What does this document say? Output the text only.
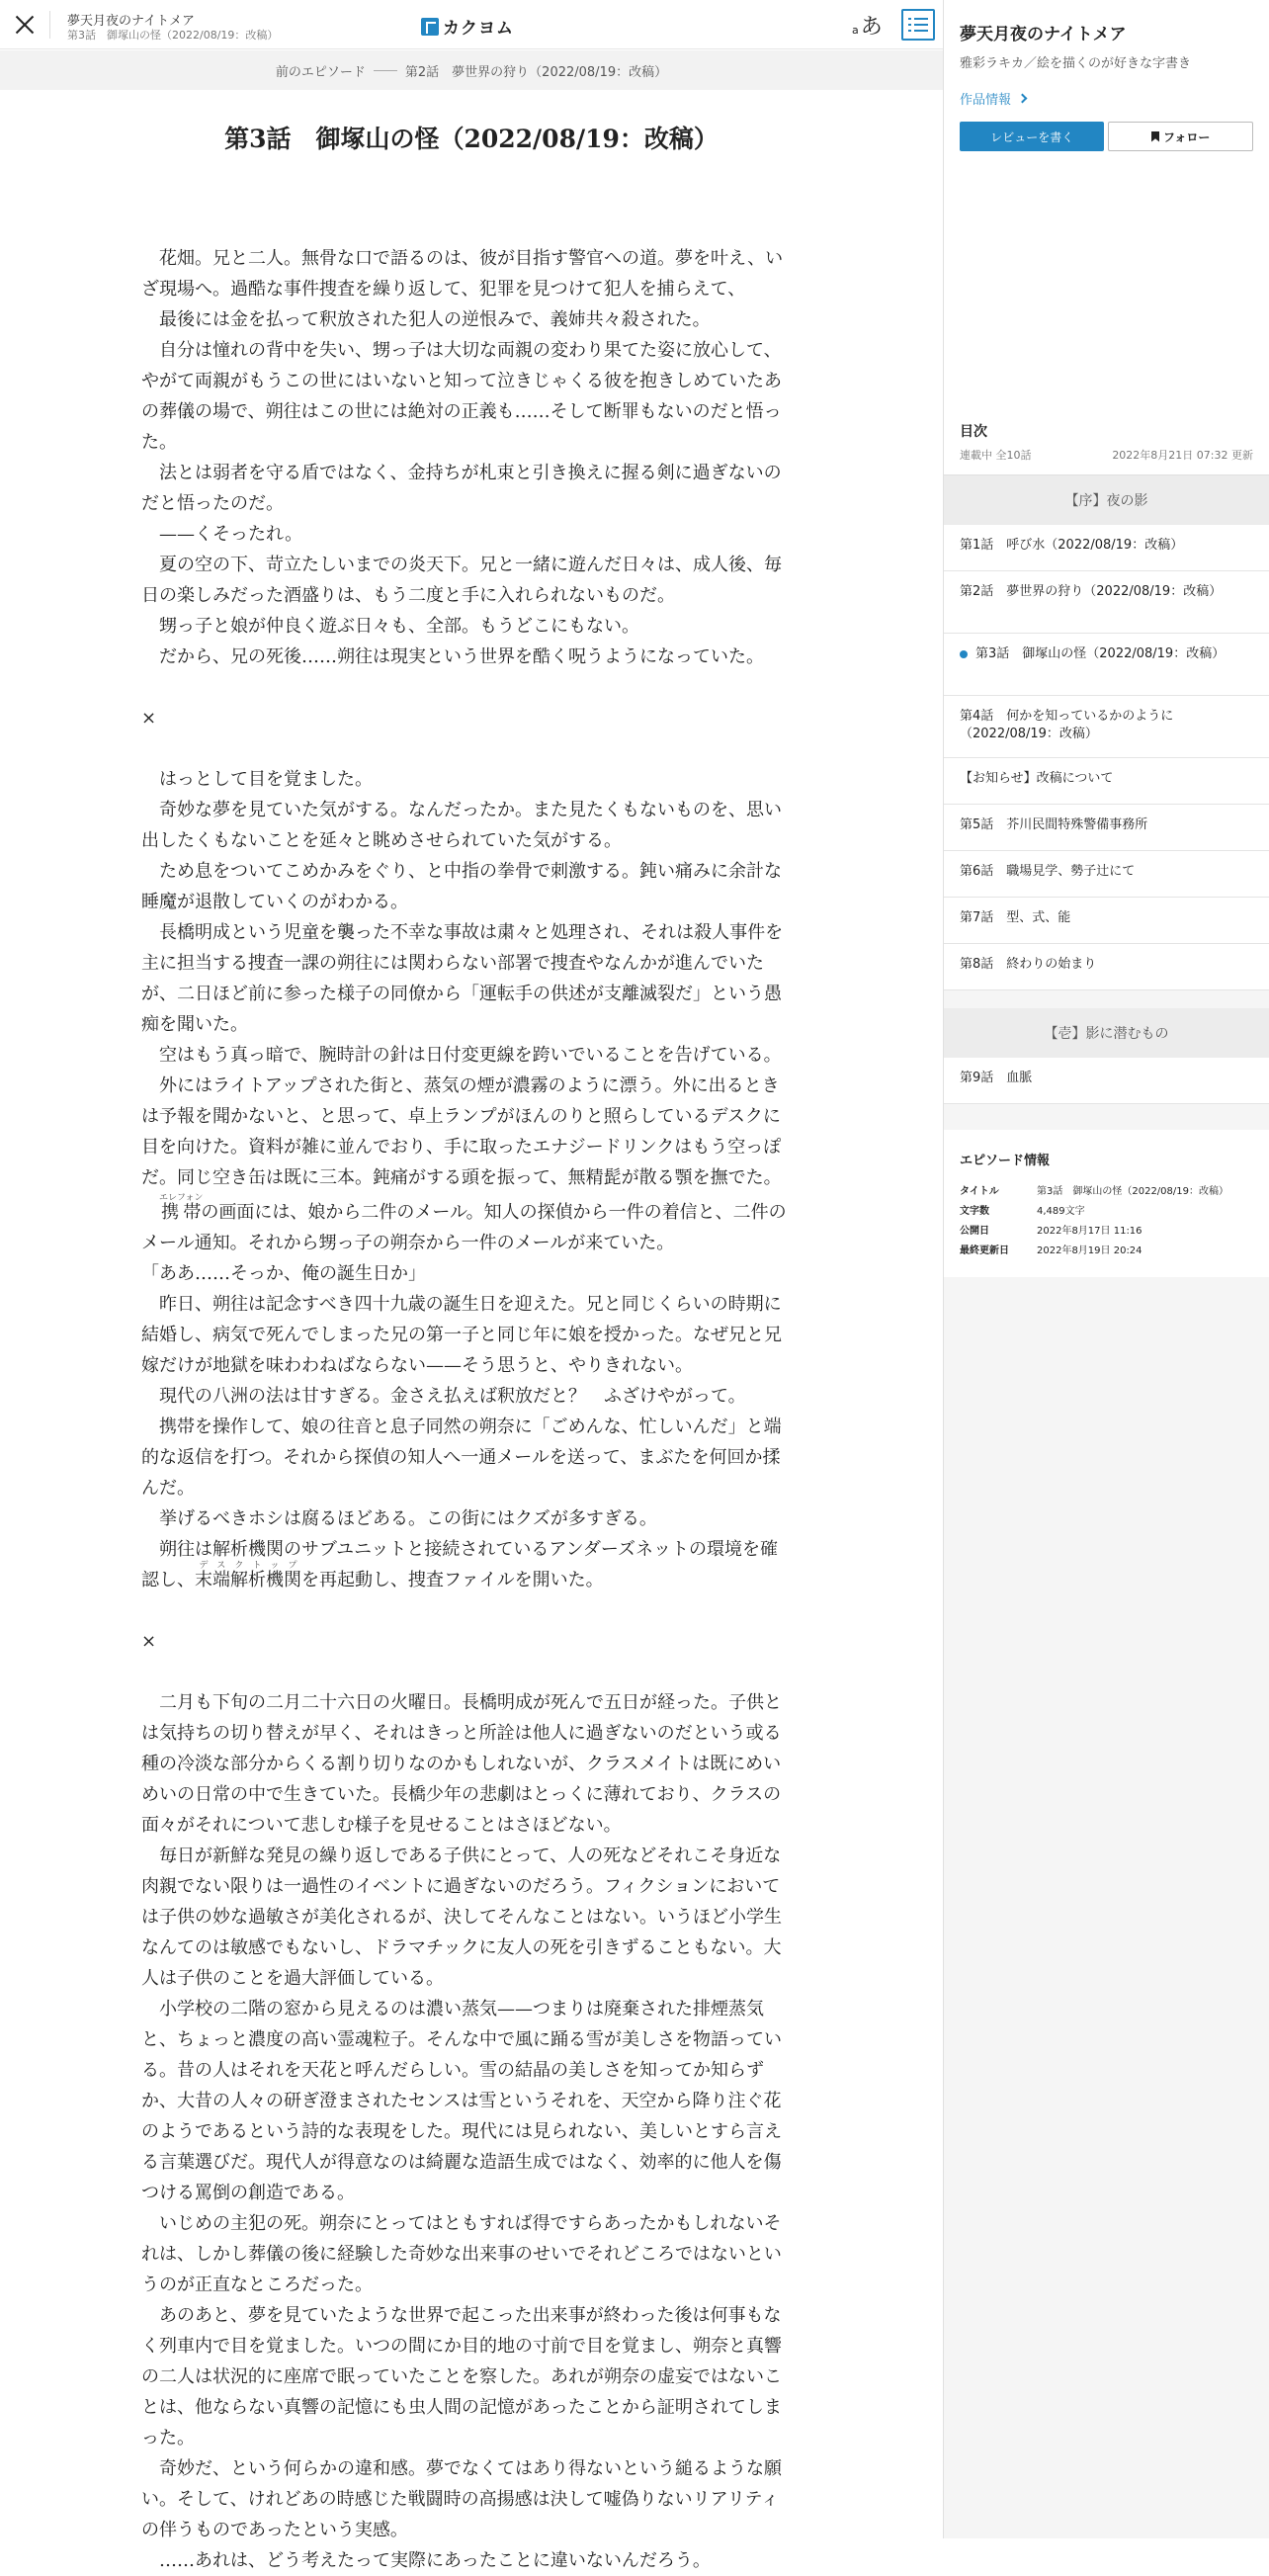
夢天月夜のナイトメア
第3話　御塚山の怪（2022/08/19：改稿）	カクヨム	aあ
前のエピソード	第2話　夢世界の狩り（2022/08/19：改稿）
第3話　御塚山の怪（2022/08/19：改稿）

花畑。兄と二人。無骨な口で語るのは、彼が目指す警官への道。夢を叶え、いざ現場へ。過酷な事件捜査を繰り返して、犯罪を見つけて犯人を捕らえて、

最後には金を払って釈放された犯人の逆恨みで、義姉共々殺された。

自分は憧れの背中を失い、甥っ子は大切な両親の変わり果てた姿に放心して、やがて両親がもうこの世にはいないと知って泣きじゃくる彼を抱きしめていたあの葬儀の場で、朔往はこの世には絶対の正義も……そして断罪もないのだと悟った。

法とは弱者を守る盾ではなく、金持ちが札束と引き換えに握る剣に過ぎないのだと悟ったのだ。

——くそったれ。

夏の空の下、苛立たしいまでの炎天下。兄と一緒に遊んだ日々は、成人後、毎日の楽しみだった酒盛りは、もう二度と手に入れられないものだ。

甥っ子と娘が仲良く遊ぶ日々も、全部。もうどこにもない。

だから、兄の死後……朔往は現実という世界を酷く呪うようになっていた。

×

はっとして目を覚ました。

奇妙な夢を見ていた気がする。なんだったか。また見たくもないものを、思い出したくもないことを延々と眺めさせられていた気がする。

ため息をついてこめかみをぐり、と中指の拳骨で刺激する。鈍い痛みに余計な睡魔が退散していくのがわかる。

長橋明成という児童を襲った不幸な事故は粛々と処理され、それは殺人事件を主に担当する捜査一課の朔往には関わらない部署で捜査やなんかが進んでいたが、二日ほど前に参った様子の同僚から「運転手の供述が支離滅裂だ」という愚痴を聞いた。

空はもう真っ暗で、腕時計の針は日付変更線を跨いでいることを告げている。

外にはライトアップされた街と、蒸気の煙が濃霧のように漂う。外に出るときは予報を聞かないと、と思って、卓上ランプがほんのりと照らしているデスクに目を向けた。資料が雑に並んでおり、手に取ったエナジードリンクはもう空っぽだ。同じ空き缶は既に三本。鈍痛がする頭を振って、無精髭が散る顎を撫でた。

携帯エレフォンの画面には、娘から二件のメール。知人の探偵から一件の着信と、二件のメール通知。それから甥っ子の朔奈から一件のメールが来ていた。

「ああ……そっか、俺の誕生日か」

昨日、朔往は記念すべき四十九歳の誕生日を迎えた。兄と同じくらいの時期に結婚し、病気で死んでしまった兄の第一子と同じ年に娘を授かった。なぜ兄と兄嫁だけが地獄を味わわねばならない——そう思うと、やりきれない。

現代の八洲の法は甘すぎる。金さえ払えば釈放だと？　ふざけやがって。

携帯を操作して、娘の往音と息子同然の朔奈に「ごめんな、忙しいんだ」と端的な返信を打つ。それから探偵の知人へ一通メールを送って、まぶたを何回か揉んだ。

挙げるべきホシは腐るほどある。この街にはクズが多すぎる。

朔往は解析機関のサブユニットと接続されているアンダーズネットの環境を確認し、末端解析機関デスクトップを再起動し、捜査ファイルを開いた。

×

二月も下旬の二月二十六日の火曜日。長橋明成が死んで五日が経った。子供とは気持ちの切り替えが早く、それはきっと所詮は他人に過ぎないのだという或る種の冷淡な部分からくる割り切りなのかもしれないが、クラスメイトは既にめいめいの日常の中で生きていた。長橋少年の悲劇はとっくに薄れており、クラスの面々がそれについて悲しむ様子を見せることはさほどない。

毎日が新鮮な発見の繰り返しである子供にとって、人の死などそれこそ身近な肉親でない限りは一過性のイベントに過ぎないのだろう。フィクションにおいては子供の妙な過敏さが美化されるが、決してそんなことはない。いうほど小学生なんてのは敏感でもないし、ドラマチックに友人の死を引きずることもない。大人は子供のことを過大評価している。

小学校の二階の窓から見えるのは濃い蒸気——つまりは廃棄された排煙蒸気と、ちょっと濃度の高い霊魂粒子。そんな中で風に踊る雪が美しさを物語っている。昔の人はそれを天花と呼んだらしい。雪の結晶の美しさを知ってか知らずか、大昔の人々の研ぎ澄まされたセンスは雪というそれを、天空から降り注ぐ花のようであるという詩的な表現をした。現代には見られない、美しいとすら言える言葉選びだ。現代人が得意なのは綺麗な造語生成ではなく、効率的に他人を傷つける罵倒の創造である。

いじめの主犯の死。朔奈にとってはともすれば得ですらあったかもしれないそれは、しかし葬儀の後に経験した奇妙な出来事のせいでそれどころではないというのが正直なところだった。

あのあと、夢を見ていたような世界で起こった出来事が終わった後は何事もなく列車内で目を覚ました。いつの間にか目的地の寸前で目を覚まし、朔奈と真響の二人は状況的に座席で眠っていたことを察した。あれが朔奈の虚妄ではないことは、他ならない真響の記憶にも虫人間の記憶があったことから証明されてしまった。

奇妙だ、という何らかの違和感。夢でなくてはあり得ないという縋るような願い。そして、けれどあの時感じた戦闘時の高揚感は決して嘘偽りないリアリティの伴うものであったという実感。

……あれは、どう考えたって実際にあったことに違いないんだろう。

夢天月夜のナイトメア
雅彩ラキカ／絵を描くのが好きな字書き
作品情報
レビューを書く	フォロー
目次
連載中 全10話	2022年8月21日 07:32 更新
【序】夜の影
第1話　呼び水（2022/08/19：改稿）
第2話　夢世界の狩り（2022/08/19：改稿）
第3話　御塚山の怪（2022/08/19：改稿）
第4話　何かを知っているかのように（2022/08/19：改稿）
【お知らせ】改稿について
第5話　芥川民間特殊警備事務所
第6話　職場見学、勢子辻にて
第7話　型、式、能
第8話　終わりの始まり
【壱】影に潜むもの
第9話　血脈
エピソード情報
タイトル	第3話　御塚山の怪（2022/08/19：改稿）
文字数	4,489文字
公開日	2022年8月17日 11:16
最終更新日	2022年8月19日 20:24
